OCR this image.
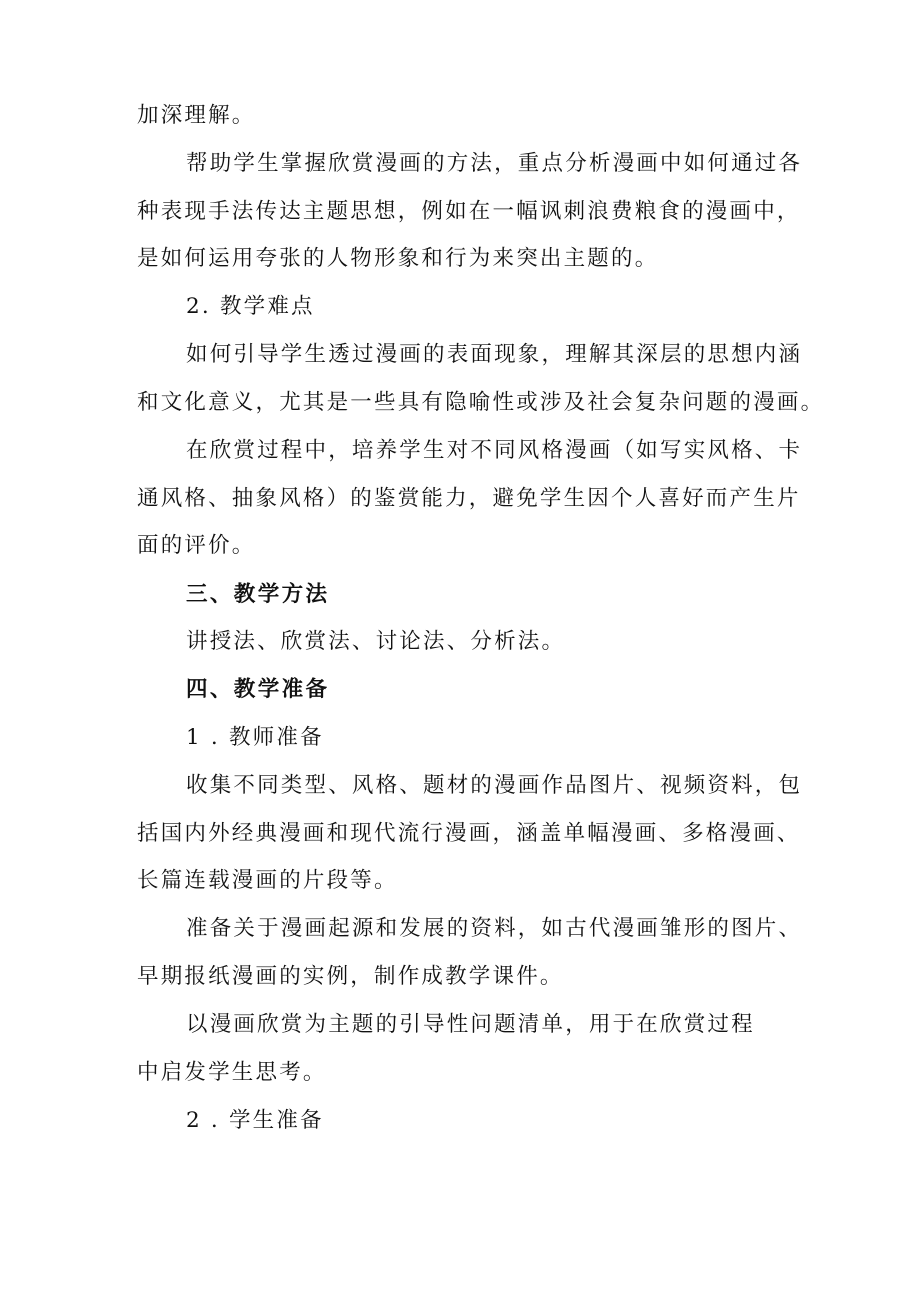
加深理解。
帮助学生掌握欣赏漫画的方法，重点分析漫画中如何通过各
种表现手法传达主题思想，例如在一幅讽刺浪费粮食的漫画中，
是如何运用夸张的人物形象和行为来突出主题的。
2. 教学难点
如何引导学生透过漫画的表面现象，理解其深层的思想内涵
和文化意义，尤其是一些具有隐喻性或涉及社会复杂问题的漫画。
在欣赏过程中，培养学生对不同风格漫画（如写实风格、卡
通风格、抽象风格）的鉴赏能力，避免学生因个人喜好而产生片
面的评价。
三、教学方法
讲授法、欣赏法、讨论法、分析法。
四、教学准备
1 . 教师准备
收集不同类型、风格、题材的漫画作品图片、视频资料，包
括国内外经典漫画和现代流行漫画，涵盖单幅漫画、多格漫画、
长篇连载漫画的片段等。
准备关于漫画起源和发展的资料，如古代漫画雏形的图片、
早期报纸漫画的实例，制作成教学课件。
以漫画欣赏为主题的引导性问题清单，用于在欣赏过程
中启发学生思考。
2 . 学生准备
